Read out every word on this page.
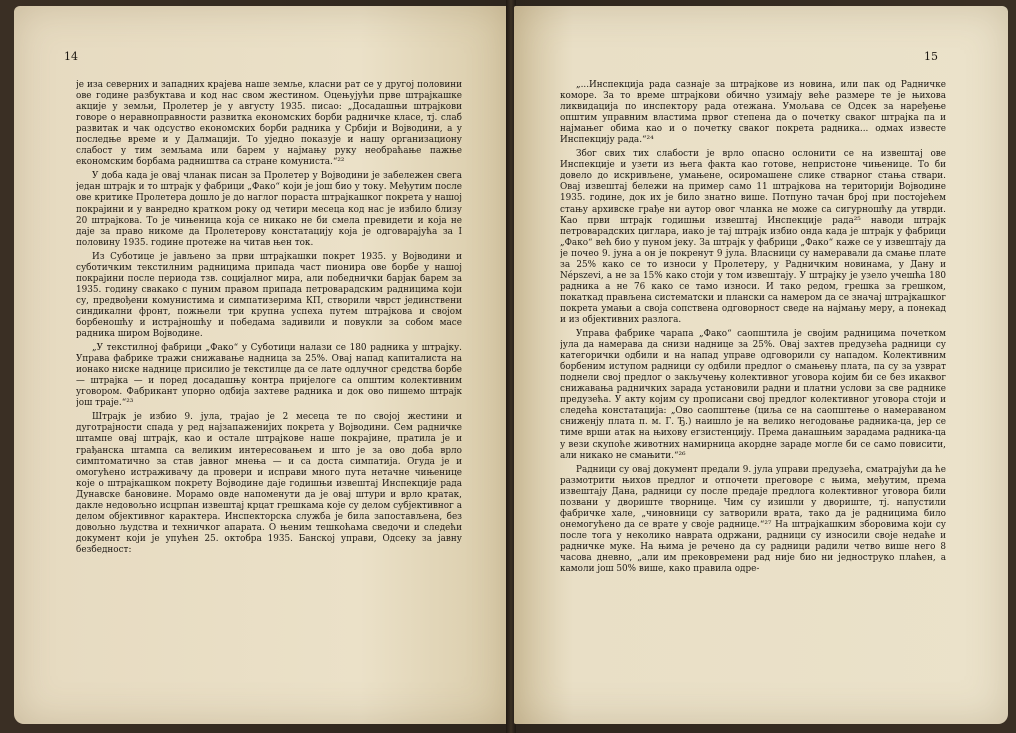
14

је иза северних и западних крајева наше земље, класни рат се у другој половини ове године разбуктава и код нас свом жестином. Оцењујући прве штрајкашке акције у земљи, Пролетер је у августу 1935. писао: „Досадашњи штрајкови говоре о неравноправности развитка економских борби радничке класе, тј. слаб развитак и чак одсуство економских борби радника у Србији и Војводини, а у последње време и у Далмацији. То уједно показује и нашу организациону слабост у тим земљама или барем у најмању руку необраћање пажње економским борбама радништва са стране комуниста.“²²

У доба када је овај чланак писан за Пролетер у Војводини је забележен свега један штрајк и то штрајк у фабрици „Фако“ који је још био у току. Међутим после ове критике Пролетера дошло је до наглог пораста штрајкашког покрета у нашој покрајини и у ванредно кратком року од четири месеца код нас је избило близу 20 штрајкова. То је чињеница која се никако не би смела превидети и која не даје за право никоме да Пролетерову констатацију која је одговарајућа за I половину 1935. године протеже на читав њен ток.

Из Суботице је јављено за први штрајкашки покрет 1935. у Војводини и суботичким текстилним радницима припада част пионира ове борбе у нашој покрајини после периода тзв. социјалног мира, али победнички барјак барем за 1935. годину свакако с пуним правом припада петроварадским радницима који су, предвођени комунистима и симпатизерима КП, створили чврст јединствени синдикални фронт, пожњели три крупна успеха путем штрајкова и својом борбеношћу и истрајношћу и победама задивили и повукли за собом масе радника широм Војводине.

„У текстилној фабрици „Фако“ у Суботици налази се 180 радника у штрајку. Управа фабрике тражи снижавање надница за 25%. Овај напад капиталиста на ионако ниске наднице присилио је текстилце да се лате одлучног средства борбе — штрајка — и поред досадашњу контра пријелоге са општим колективним уговором. Фабрикант упорно одбија захтеве радника и док ово пишемо штрајк још траје.“²³

Штрајк је избио 9. јула, трајао је 2 месеца те по својој жестини и дуготрајности спада у ред најзапаженијих покрета у Војводини. Сем радничке штампе овај штрајк, као и остале штрајкове наше покрајине, пратила је и грађанска штампа са великим интересовањем и што је за ово доба врло симптоматично за став јавног мнења — и са доста симпатија. Огуда је и омогућено истраживачу да провери и исправи много пута нетачне чињенице које о штрајкашком покрету Војводине даје годишњи извештај Инспекције рада Дунавске бановине. Морамо овде напоменути да је овај штури и врло кратак, дакле недовољно исцрпан извештај крцат грешкама које су делом субјективног а делом објективног карактера. Инспекторска служба је била запостављена, без довољно људства и техничког апарата. О њеним тешкоћама сведочи и следећи документ који је упућен 25. октобра 1935. Банској управи, Одсеку за јавну безбедност:

15

„...Инспекција рада сазнаје за штрајкове из новина, или пак од Радничке коморе. За то време штрајкови обично узимају веће размере те је њихова ликвидација по инспектору рада отежана. Умољава се Одсек за наређење општим управним властима првог степена да о почетку сваког штрајка па и најмањег обима као и о почетку сваког покрета радника... одмах известе Инспекцију рада.“²⁴

Због свих тих слабости је врло опасно ослонити се на извештај ове Инспекције и узети из њега факта као готове, непристоне чињенице. То би довело до искривљене, умањене, осиромашене слике стварног стања ствари. Овај извештај бележи на пример само 11 штрајкова на територији Војводине 1935. године, док их је било знатно више. Потпуно тачан број при постојећем стању архивске грађе ни аутор овог чланка не може са сигурношћу да утврди. Као први штрајк годишњи извештај Инспекције рада²⁵ наводи штрајк петроварадских циглара, иако је тај штрајк избио онда када је штрајк у фабрици „Фако“ већ био у пуном јеку. За штрајк у фабрици „Фако“ каже се у извештају да је почео 9. јуна а он је покренут 9 јула. Власници су намеравали да смање плате за 25% како се то износи у Пролетеру, у Радничким новинама, у Дану и Népszevi, а не за 15% како стоји у том извештају. У штрајку је узело учешћа 180 радника а не 76 како се тамо износи. И тако редом, грешка за грешком, покаткад прављена систематски и плански са намером да се значај штрајкашког покрета умањи а своја сопствена одговорност сведе на најмању меру, а понекад и из објективних разлога.

Управа фабрике чарапа „Фако“ саопштила је својим радницима почетком јула да намерава да снизи наднице за 25%. Овај захтев предузећа радници су категорички одбили и на напад управе одговорили су нападом. Колективним борбеним иступом радници су одбили предлог о смањењу плата, па су за узврат поднели свој предлог о закључењу колективног уговора којим би се без икаквог снижавања радничких зарада установили радни и платни услови за све раднике предузећа. У акту којим су прописани свој предлог колективног уговора стоји и следећа констатација: „Ово саопштење (циља се на саопштење о намераваном сниженју плата п. м. Г. Ђ.) наишло је на велико негодовање радника-ца, јер се тиме врши атак на њихову егзистенцију. Према данашњим зарадама радника-ца у вези скупоће животних намирница акордне зараде могле би се само повисити, али никако не смањити.“²⁶

Радници су овај документ предали 9. јула управи предузећа, сматрајући да ће размотрити њихов предлог и отпочети преговоре с њима, међутим, према извештају Дана, радници су после предаје предлога колективног уговора били позвани у двориште творнице. Чим су изишли у двориште, тј. напустили фабричке хале, „чиновници су затворили врата, тако да је радницима било онемогућено да се врате у своје раднице.“²⁷ На штрајкашким зборовима који су после тога у неколико наврата одржани, радници су износили своје недаће и радничке муке. На њима је речено да су радници радили четво више него 8 часова дневно, „али им прековремени рад није био ни једноструко плаћен, а камоли још 50% више, како правила одре-
